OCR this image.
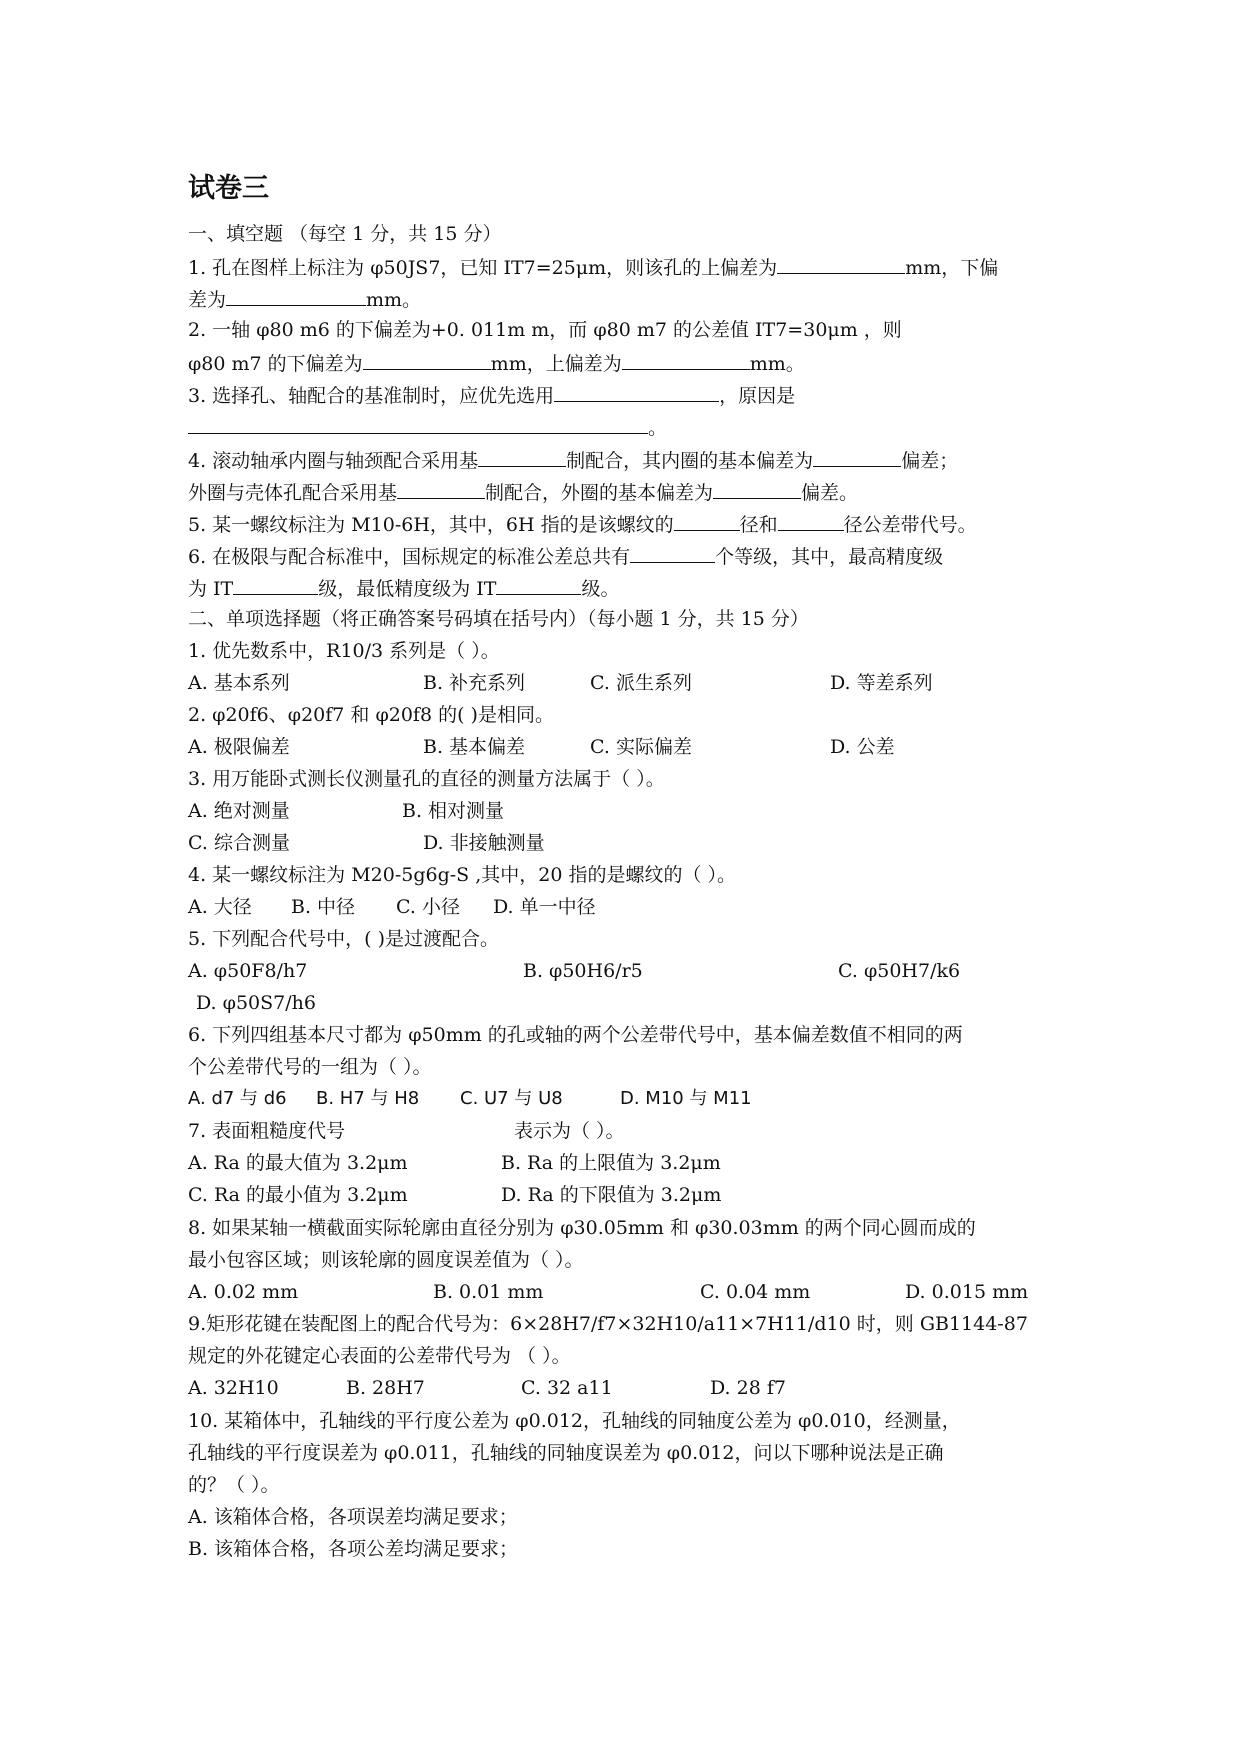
试卷三
一、填空题 （每空 1 分，共 15 分）
1. 孔在图样上标注为 φ50JS7，已知 IT7=25μm，则该孔的上偏差为	mm，下偏
差为	mm。
2. 一轴 φ80 m6 的下偏差为+0. 011m m，而 φ80 m7 的公差值 IT7=30μm ，则
φ80 m7 的下偏差为	mm，上偏差为	mm。
3. 选择孔、轴配合的基准制时，应优先选用	，原因是
。
4. 滚动轴承内圈与轴颈配合采用基	制配合，其内圈的基本偏差为	偏差；
外圈与壳体孔配合采用基	制配合，外圈的基本偏差为	偏差。
5. 某一螺纹标注为 M10-6H，其中，6H 指的是该螺纹的	径和	径公差带代号。
6. 在极限与配合标准中，国标规定的标准公差总共有	个等级，其中，最高精度级
为 IT	级，最低精度级为 IT	级。
二、单项选择题（将正确答案号码填在括号内）（每小题 1 分，共 15 分）
1. 优先数系中，R10/3 系列是（ ）。
A. 基本系列	B. 补充系列	C. 派生系列	D. 等差系列
2. φ20f6、φ20f7 和 φ20f8 的( )是相同。
A. 极限偏差	B. 基本偏差	C. 实际偏差	D. 公差
3. 用万能卧式测长仪测量孔的直径的测量方法属于（ ）。
A. 绝对测量	B. 相对测量
C. 综合测量	D. 非接触测量
4. 某一螺纹标注为 M20-5g6g-S ,其中，20 指的是螺纹的（ ）。
A. 大径 B. 中径 C. 小径 D. 单一中径
5. 下列配合代号中，( )是过渡配合。
A. φ50F8/h7	B. φ50H6/r5	C. φ50H7/k6
D. φ50S7/h6
6. 下列四组基本尺寸都为 φ50mm 的孔或轴的两个公差带代号中，基本偏差数值不相同的两
个公差带代号的一组为（ ）。
A. d7 与 d6 B. H7 与 H8 C. U7 与 U8	D. M10 与 M11
7. 表面粗糙度代号	表示为（ ）。
A. Ra 的最大值为 3.2μm	B. Ra 的上限值为 3.2μm
C. Ra 的最小值为 3.2μm	D. Ra 的下限值为 3.2μm
8. 如果某轴一横截面实际轮廓由直径分别为 φ30.05mm 和 φ30.03mm 的两个同心圆而成的
最小包容区域；则该轮廓的圆度误差值为（ ）。
A. 0.02 mm	B. 0.01 mm	C. 0.04 mm	D. 0.015 mm
9.矩形花键在装配图上的配合代号为：6×28H7/f7×32H10/a11×7H11/d10 时，则 GB1144-87
规定的外花键定心表面的公差带代号为 （ ）。
A. 32H10	B. 28H7	C. 32 a11	D. 28 f7
10. 某箱体中，孔轴线的平行度公差为 φ0.012，孔轴线的同轴度公差为 φ0.010，经测量，
孔轴线的平行度误差为 φ0.011，孔轴线的同轴度误差为 φ0.012，问以下哪种说法是正确
的？（ ）。
A. 该箱体合格，各项误差均满足要求；
B. 该箱体合格，各项公差均满足要求；
